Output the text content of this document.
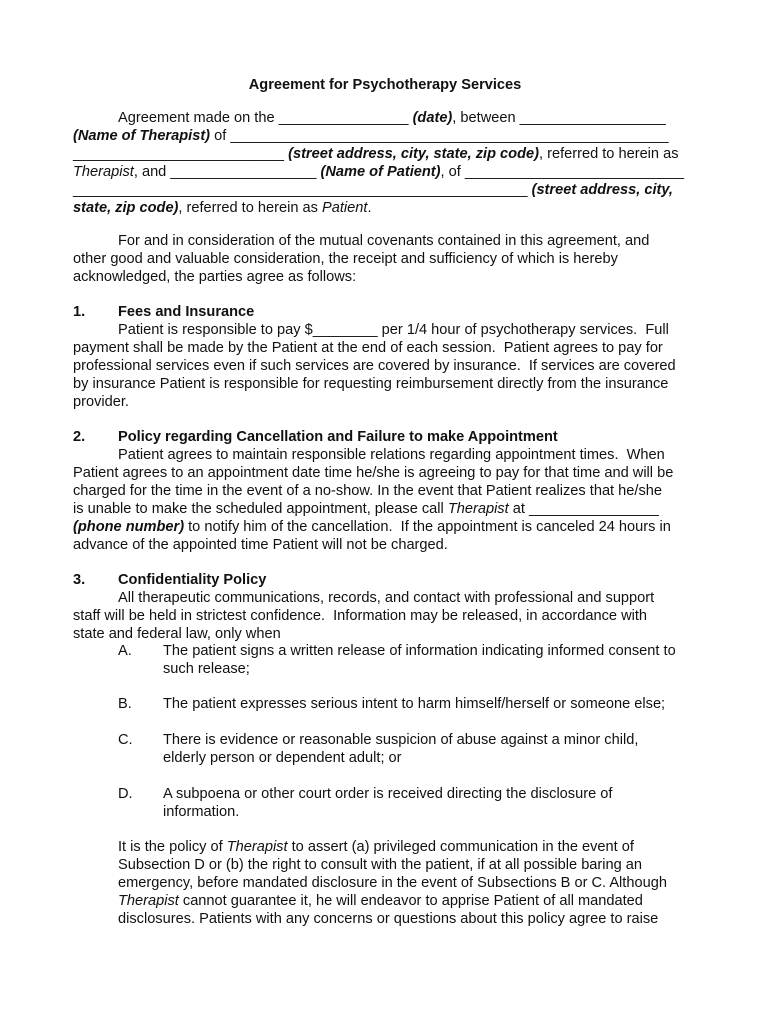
Agreement for Psychotherapy Services
Agreement made on the ________________ (date), between __________________
(Name of Therapist) of ______________________________________________________
__________________________ (street address, city, state, zip code), referred to herein as
Therapist, and __________________ (Name of Patient), of ___________________________
________________________________________________________ (street address, city,
state, zip code), referred to herein as Patient.
For and in consideration of the mutual covenants contained in this agreement, and
other good and valuable consideration, the receipt and sufficiency of which is hereby
acknowledged, the parties agree as follows:
1. Fees and Insurance
Patient is responsible to pay $________ per 1/4 hour of psychotherapy services.  Full
payment shall be made by the Patient at the end of each session.  Patient agrees to pay for
professional services even if such services are covered by insurance.  If services are covered
by insurance Patient is responsible for requesting reimbursement directly from the insurance
provider.
2. Policy regarding Cancellation and Failure to make Appointment
Patient agrees to maintain responsible relations regarding appointment times.  When
Patient agrees to an appointment date time he/she is agreeing to pay for that time and will be
charged for the time in the event of a no-show. In the event that Patient realizes that he/she
is unable to make the scheduled appointment, please call Therapist at ________________
(phone number) to notify him of the cancellation.  If the appointment is canceled 24 hours in
advance of the appointed time Patient will not be charged.
3. Confidentiality Policy
All therapeutic communications, records, and contact with professional and support
staff will be held in strictest confidence.  Information may be released, in accordance with
state and federal law, only when
A. The patient signs a written release of information indicating informed consent to
such release;
B. The patient expresses serious intent to harm himself/herself or someone else;
C. There is evidence or reasonable suspicion of abuse against a minor child,
elderly person or dependent adult; or
D. A subpoena or other court order is received directing the disclosure of
information.
It is the policy of Therapist to assert (a) privileged communication in the event of
Subsection D or (b) the right to consult with the patient, if at all possible baring an
emergency, before mandated disclosure in the event of Subsections B or C. Although
Therapist cannot guarantee it, he will endeavor to apprise Patient of all mandated
disclosures. Patients with any concerns or questions about this policy agree to raise
